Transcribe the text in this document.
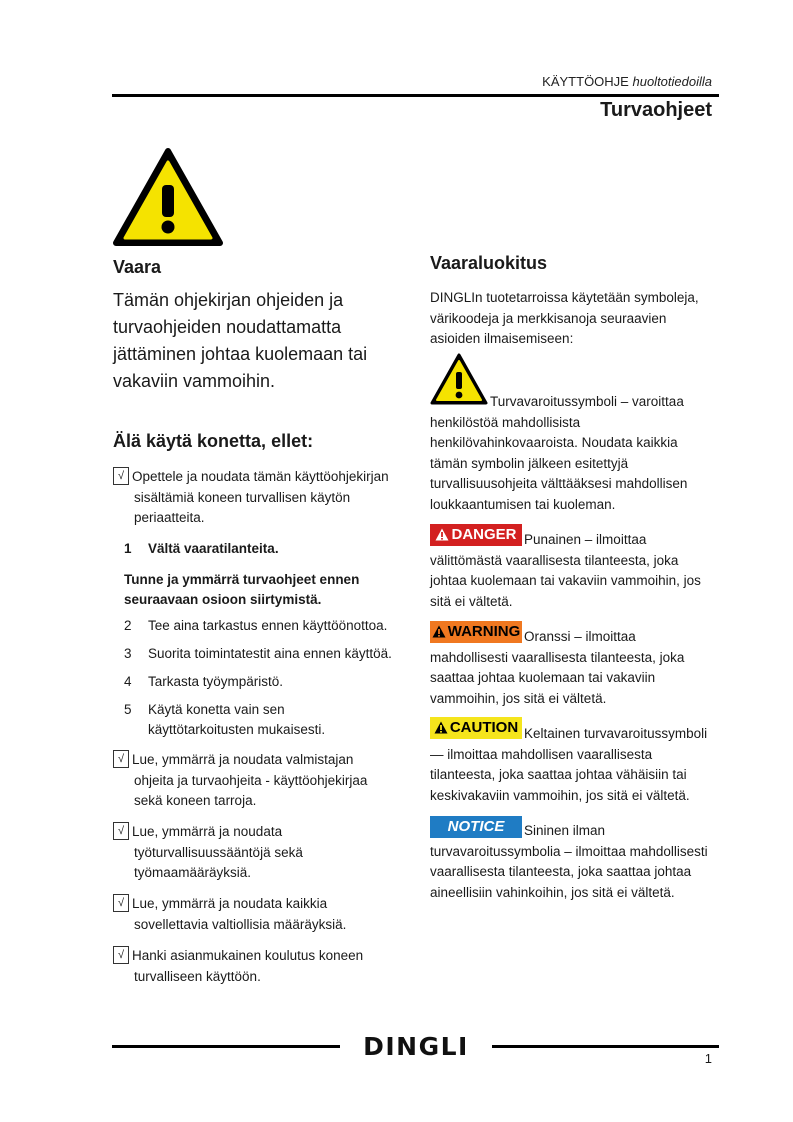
KÄYTTÖOHJE huoltotiedoilla
Turvaohjeet
Vaara
Tämän ohjekirjan ohjeiden ja
turvaohjeiden noudattamatta
jättäminen johtaa kuolemaan tai
vakaviin vammoihin.
Älä käytä konetta, ellet:
√ Opettele ja noudata tämän käyttöohjekirjan
sisältämiä koneen turvallisen käytön
periaatteita.
1	Vältä vaaratilanteita.
Tunne ja ymmärrä turvaohjeet ennen
seuraavaan osioon siirtymistä.
2	Tee aina tarkastus ennen käyttöönottoa.
3	Suorita toimintatestit aina ennen käyttöä.
4	Tarkasta työympäristö.
5	Käytä konetta vain sen
käyttötarkoitusten mukaisesti.
√ Lue, ymmärrä ja noudata valmistajan
ohjeita ja turvaohjeita - käyttöohjekirjaa
sekä koneen tarroja.
√ Lue, ymmärrä ja noudata
työturvallisuussääntöjä sekä
työmaamääräyksiä.
√ Lue, ymmärrä ja noudata kaikkia
sovellettavia valtiollisia määräyksiä.
√ Hanki asianmukainen koulutus koneen
turvalliseen käyttöön.
Vaaraluokitus
DINGLIn tuotetarroissa käytetään symboleja,
värikoodeja ja merkkisanoja seuraavien
asioiden ilmaisemiseen:
Turvavaroitussymboli – varoittaa
henkilöstöä mahdollisista
henkilövahinkovaaroista. Noudata kaikkia
tämän symbolin jälkeen esitettyjä
turvallisuusohjeita välttääksesi mahdollisen
loukkaantumisen tai kuoleman.
DANGER Punainen – ilmoittaa
välittömästä vaarallisesta tilanteesta, joka
johtaa kuolemaan tai vakaviin vammoihin, jos
sitä ei vältetä.
WARNING Oranssi – ilmoittaa
mahdollisesti vaarallisesta tilanteesta, joka
saattaa johtaa kuolemaan tai vakaviin
vammoihin, jos sitä ei vältetä.
CAUTION Keltainen turvavaroitussymboli
— ilmoittaa mahdollisen vaarallisesta
tilanteesta, joka saattaa johtaa vähäisiin tai
keskivakaviin vammoihin, jos sitä ei vältetä.
NOTICE	Sininen ilman
turvavaroitussymbolia – ilmoittaa mahdollisesti
vaarallisesta tilanteesta, joka saattaa johtaa
aineellisiin vahinkoihin, jos sitä ei vältetä.
DINGLI	1
